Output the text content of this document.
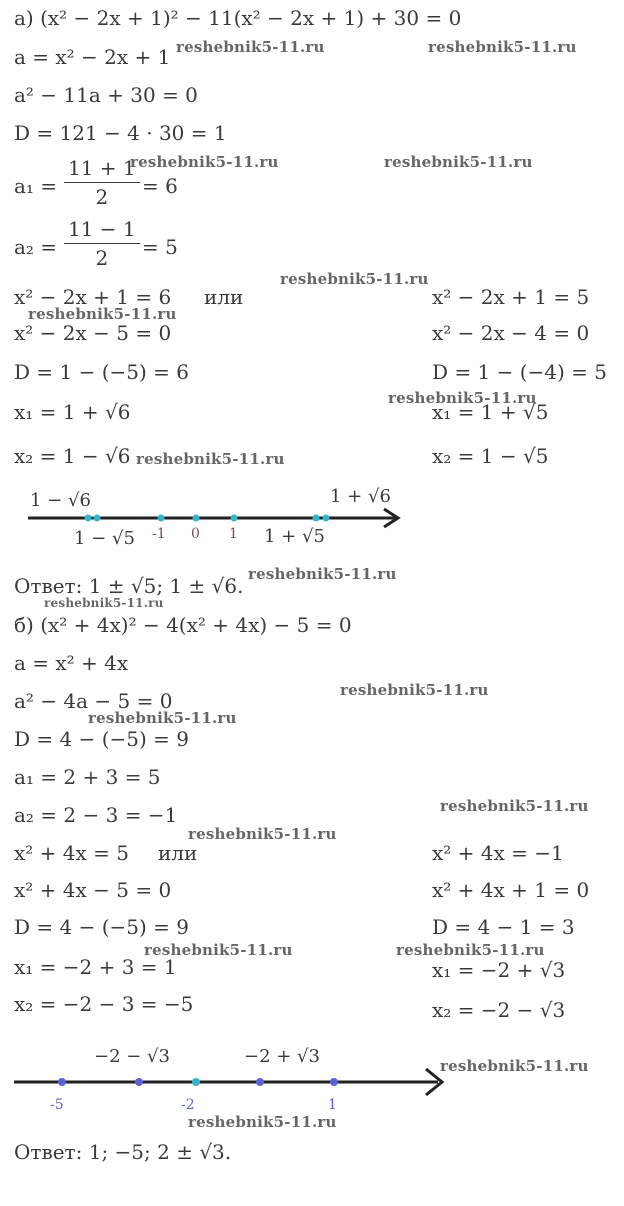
а) (x² − 2x + 1)² − 11(x² − 2x + 1) + 30 = 0
a = x² − 2x + 1
a² − 11a + 30 = 0
D = 121 − 4 · 30 = 1
$a_1 = \frac{11 + 1}{2} = 6$
$a_2 = \frac{11 - 1}{2} = 5$
x² − 2x + 1 = 6 или
x² − 2x − 5 = 0
D = 1 − (−5) = 6
x₁ = 1 + √6
x₂ = 1 − √6
x² − 2x + 1 = 5
x² − 2x − 4 = 0
D = 1 − (−4) = 5
x₁ = 1 + √5
x₂ = 1 − √5
1 − √6	1 + √6
1 − √5	1 + √5
-1 0 1
Ответ: 1 ± √5; 1 ± √6.
б) (x² + 4x)² − 4(x² + 4x) − 5 = 0
a = x² + 4x
a² − 4a − 5 = 0
D = 4 − (−5) = 9
a₁ = 2 + 3 = 5
a₂ = 2 − 3 = −1
x² + 4x = 5 или
x² + 4x − 5 = 0
D = 4 − (−5) = 9
x₁ = −2 + 3 = 1
x₂ = −2 − 3 = −5
x² + 4x = −1
x² + 4x + 1 = 0
D = 4 − 1 = 3
x₁ = −2 + √3
x₂ = −2 − √3
−2 − √3	−2 + √3
-5	-2	1
Ответ: 1; −5; 2 ± √3.
reshebnik5-11.ru	reshebnik5-11.ru
reshebnik5-11.ru	reshebnik5-11.ru
reshebnik5-11.ru
reshebnik5-11.ru
reshebnik5-11.ru
reshebnik5-11.ru
reshebnik5-11.ru
reshebnik5-11.ru
reshebnik5-11.ru
reshebnik5-11.ru
reshebnik5-11.ru
reshebnik5-11.ru
reshebnik5-11.ru	reshebnik5-11.ru
reshebnik5-11.ru
reshebnik5-11.ru
